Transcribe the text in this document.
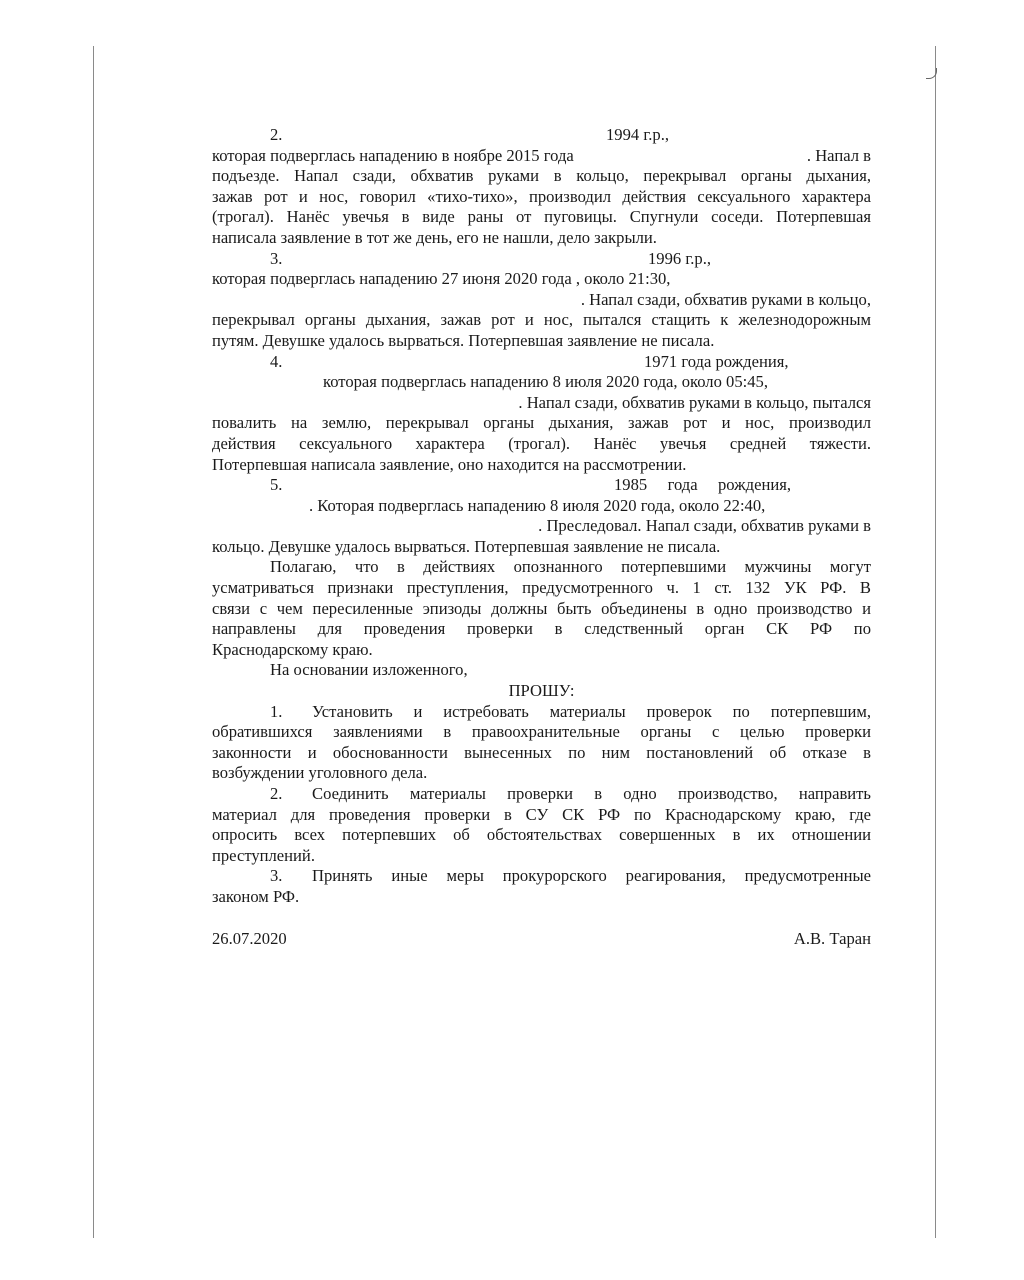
2.	1994 г.р.,
которая подверглась нападению в ноябре 2015 года	. Напал в
подъезде. Напал сзади, обхватив руками в кольцо, перекрывал органы дыхания,
зажав рот и нос, говорил «тихо-тихо», производил действия сексуального характера
(трогал). Нанёс увечья в виде раны от пуговицы. Спугнули соседи. Потерпевшая
написала заявление в тот же день, его не нашли, дело закрыли.
3.	1996 г.р.,
которая подверглась нападению 27 июня 2020 года , около 21:30,
. Напал сзади, обхватив руками в кольцо,
перекрывал органы дыхания, зажав рот и нос, пытался стащить к железнодорожным
путям. Девушке удалось вырваться. Потерпевшая заявление не писала.
4.	1971 года рождения,
которая подверглась нападению 8 июля 2020 года, около 05:45,
. Напал сзади, обхватив руками в кольцо, пытался
повалить на землю, перекрывал органы дыхания, зажав рот и нос, производил
действия сексуального характера (трогал). Нанёс увечья средней тяжести.
Потерпевшая написала заявление, оно находится на рассмотрении.
5.	1985 года рождения,
. Которая подверглась нападению 8 июля 2020 года, около 22:40,
. Преследовал. Напал сзади, обхватив руками в
кольцо. Девушке удалось вырваться. Потерпевшая заявление не писала.
Полагаю, что в действиях опознанного потерпевшими мужчины могут
усматриваться признаки преступления, предусмотренного ч. 1 ст. 132 УК РФ. В
связи с чем пересиленные эпизоды должны быть объединены в одно производство и
направлены для проведения проверки в следственный орган СК РФ по
Краснодарскому краю.
На основании изложенного,
ПРОШУ:
1. Установить и истребовать материалы проверок по потерпевшим,
обратившихся заявлениями в правоохранительные органы с целью проверки
законности и обоснованности вынесенных по ним постановлений об отказе в
возбуждении уголовного дела.
2. Соединить материалы проверки в одно производство, направить
материал для проведения проверки в СУ СК РФ по Краснодарскому краю, где
опросить всех потерпевших об обстоятельствах совершенных в их отношении
преступлений.
3. Принять иные меры прокурорского реагирования, предусмотренные
законом РФ.
26.07.2020	А.В. Таран
